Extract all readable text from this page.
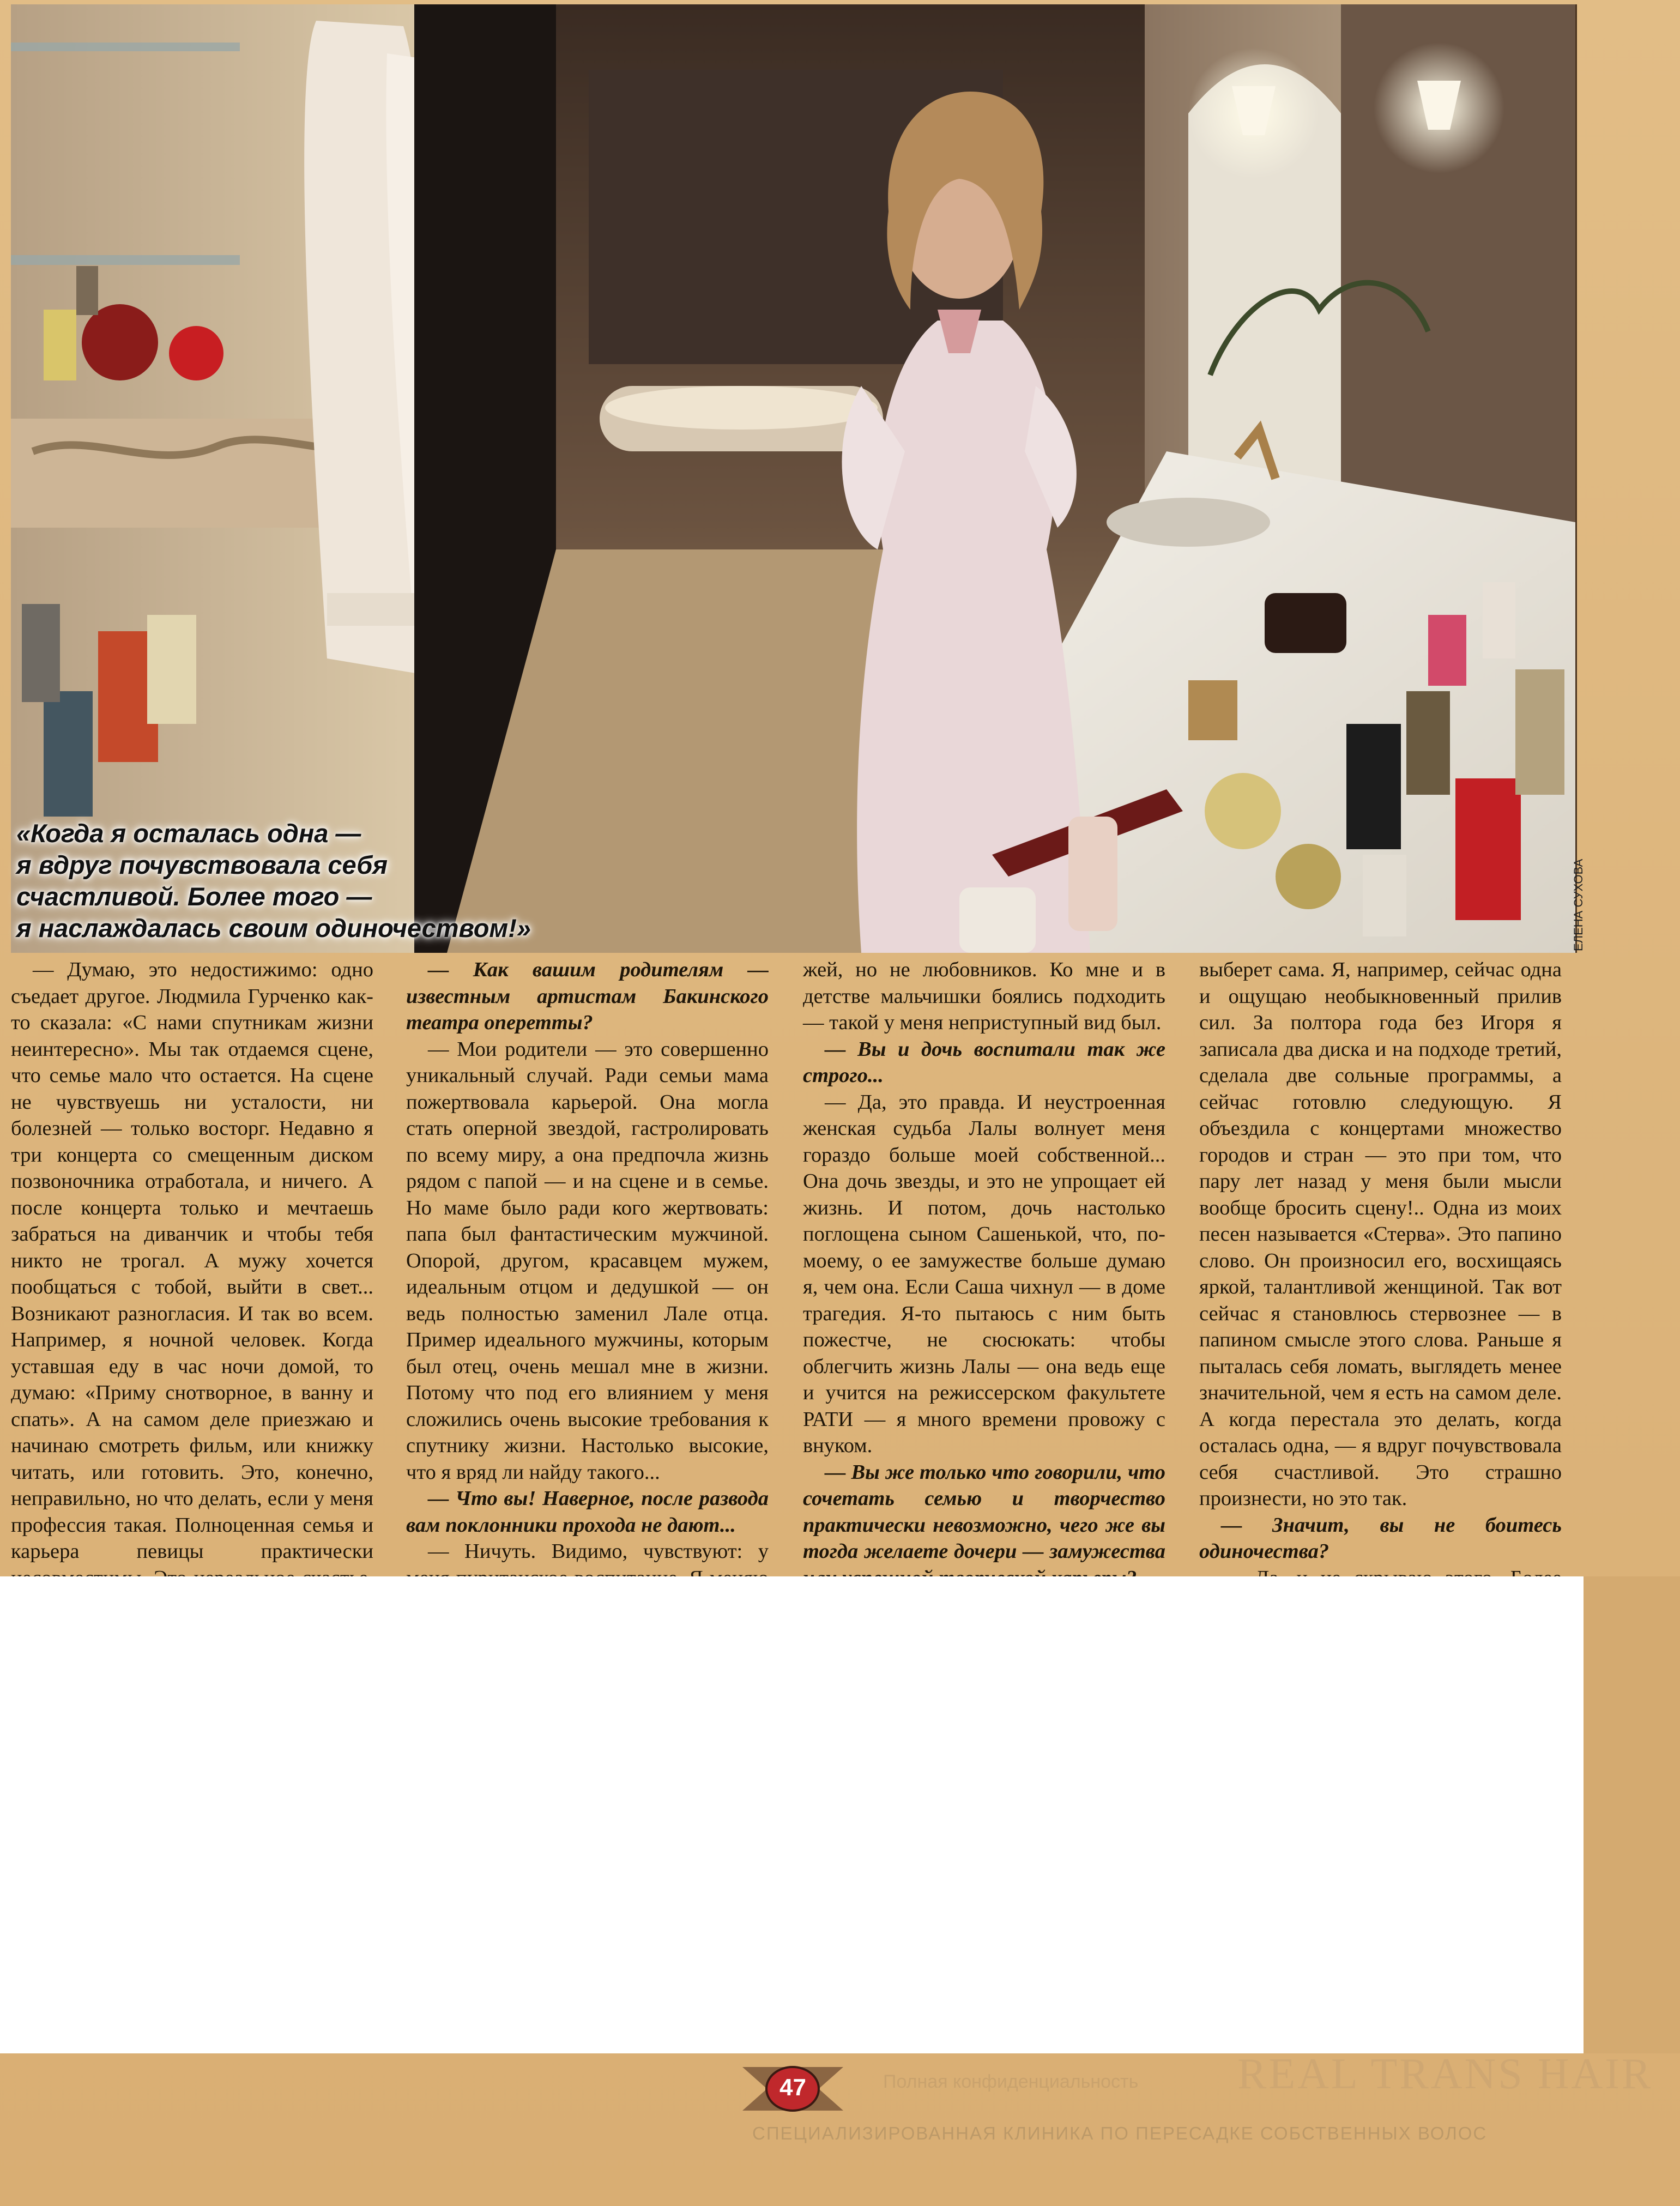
«Когда я осталась одна —
я вдруг почувствовала себя
счастливой. Более того —
я наслаждалась своим одиночеством!»	ЕЛЕНА СУХОВА

— Думаю, это недостижимо: одно съедает другое. Людмила Гурченко как-то сказала: «С нами спутникам жизни неинтересно». Мы так отдаемся сцене, что семье мало что остается. На сцене не чувствуешь ни усталости, ни болезней — только восторг. Недавно я три концерта со смещенным диском позвоночника отработала, и ничего. А после концерта только и мечтаешь забраться на диванчик и чтобы тебя никто не трогал. А мужу хочется пообщаться с тобой, выйти в свет... Возникают разногласия. И так во всем. Например, я ночной человек. Когда уставшая еду в час ночи домой, то думаю: «Приму снотворное, в ванну и спать». А на самом деле приезжаю и начинаю смотреть фильм, или книжку читать, или готовить. Это, конечно, неправильно, но что делать, если у меня профессия такая. Полноценная семья и карьера певицы практически

— Как вашим родителям — известным артистам Бакинского театра оперетты?

— Мои родители — это совершенно уникальный случай. Ради семьи мама пожертвовала карьерой. Она могла стать оперной звездой, гастролировать по всему миру, а она предпочла жизнь рядом с папой — и на сцене и в семье. Но маме было ради кого жертвовать: папа был фантастическим мужчиной. Опорой, другом, красавцем мужем, идеальным отцом и дедушкой — он ведь полностью заменил Лале отца. Пример идеального мужчины, которым был отец, очень мешал мне в жизни. Потому что под его влиянием у меня сложились очень высокие требования к спутнику жизни. Настолько высокие, что я вряд ли найду такого...

— Что вы! Наверное, после развода вам поклонники прохода не дают...

— Ничуть. Видимо, чувствуют: у

жей, но не любовников. Ко мне и в детстве мальчишки боялись подходить — такой у меня неприступный вид был.

— Вы и дочь воспитали так же строго...

— Да, это правда. И неустроенная женская судьба Лалы волнует меня гораздо больше моей собственной... Она дочь звезды, и это не упрощает ей жизнь. И потом, дочь настолько поглощена сыном Сашенькой, что, по-моему, о ее замужестве больше думаю я, чем она. Если Саша чихнул — в доме трагедия. Я-то пытаюсь с ним быть пожестче, не сюсюкать: чтобы облегчить жизнь Лалы — она ведь еще и учится на режиссерском факультете РАТИ — я много времени провожу с внуком.

— Вы же только что говорили, что сочетать семью и творчество практически невозможно, чего же вы тогда желаете дочери — замужества

выберет сама. Я, например, сейчас одна и ощущаю необыкновенный прилив сил. За полтора года без Игоря я записала два диска и на подходе третий, сделала две сольные программы, а сейчас готовлю следующую. Я объездила с концертами множество городов и стран — это при том, что пару лет назад у меня были мысли вообще бросить сцену!.. Одна из моих песен называется «Стерва». Это папино слово. Он произносил его, восхищаясь яркой, талантливой женщиной. Так вот сейчас я становлюсь стервознее — в папином смысле этого слова. Раньше я пыталась себя ломать, выглядеть менее значительной, чем я есть на самом деле. А когда перестала это делать, когда осталась одна, — я вдруг почувствовала себя счастливой. Это страшно произнести, но это так.

— Значит, вы не боитесь одиночества?

REAL TRANS HAIR
Полная конфиденциальность
47
СПЕЦИАЛИЗИРОВАННАЯ КЛИНИКА ПО ПЕРЕСАДКЕ СОБСТВЕННЫХ ВОЛОС
